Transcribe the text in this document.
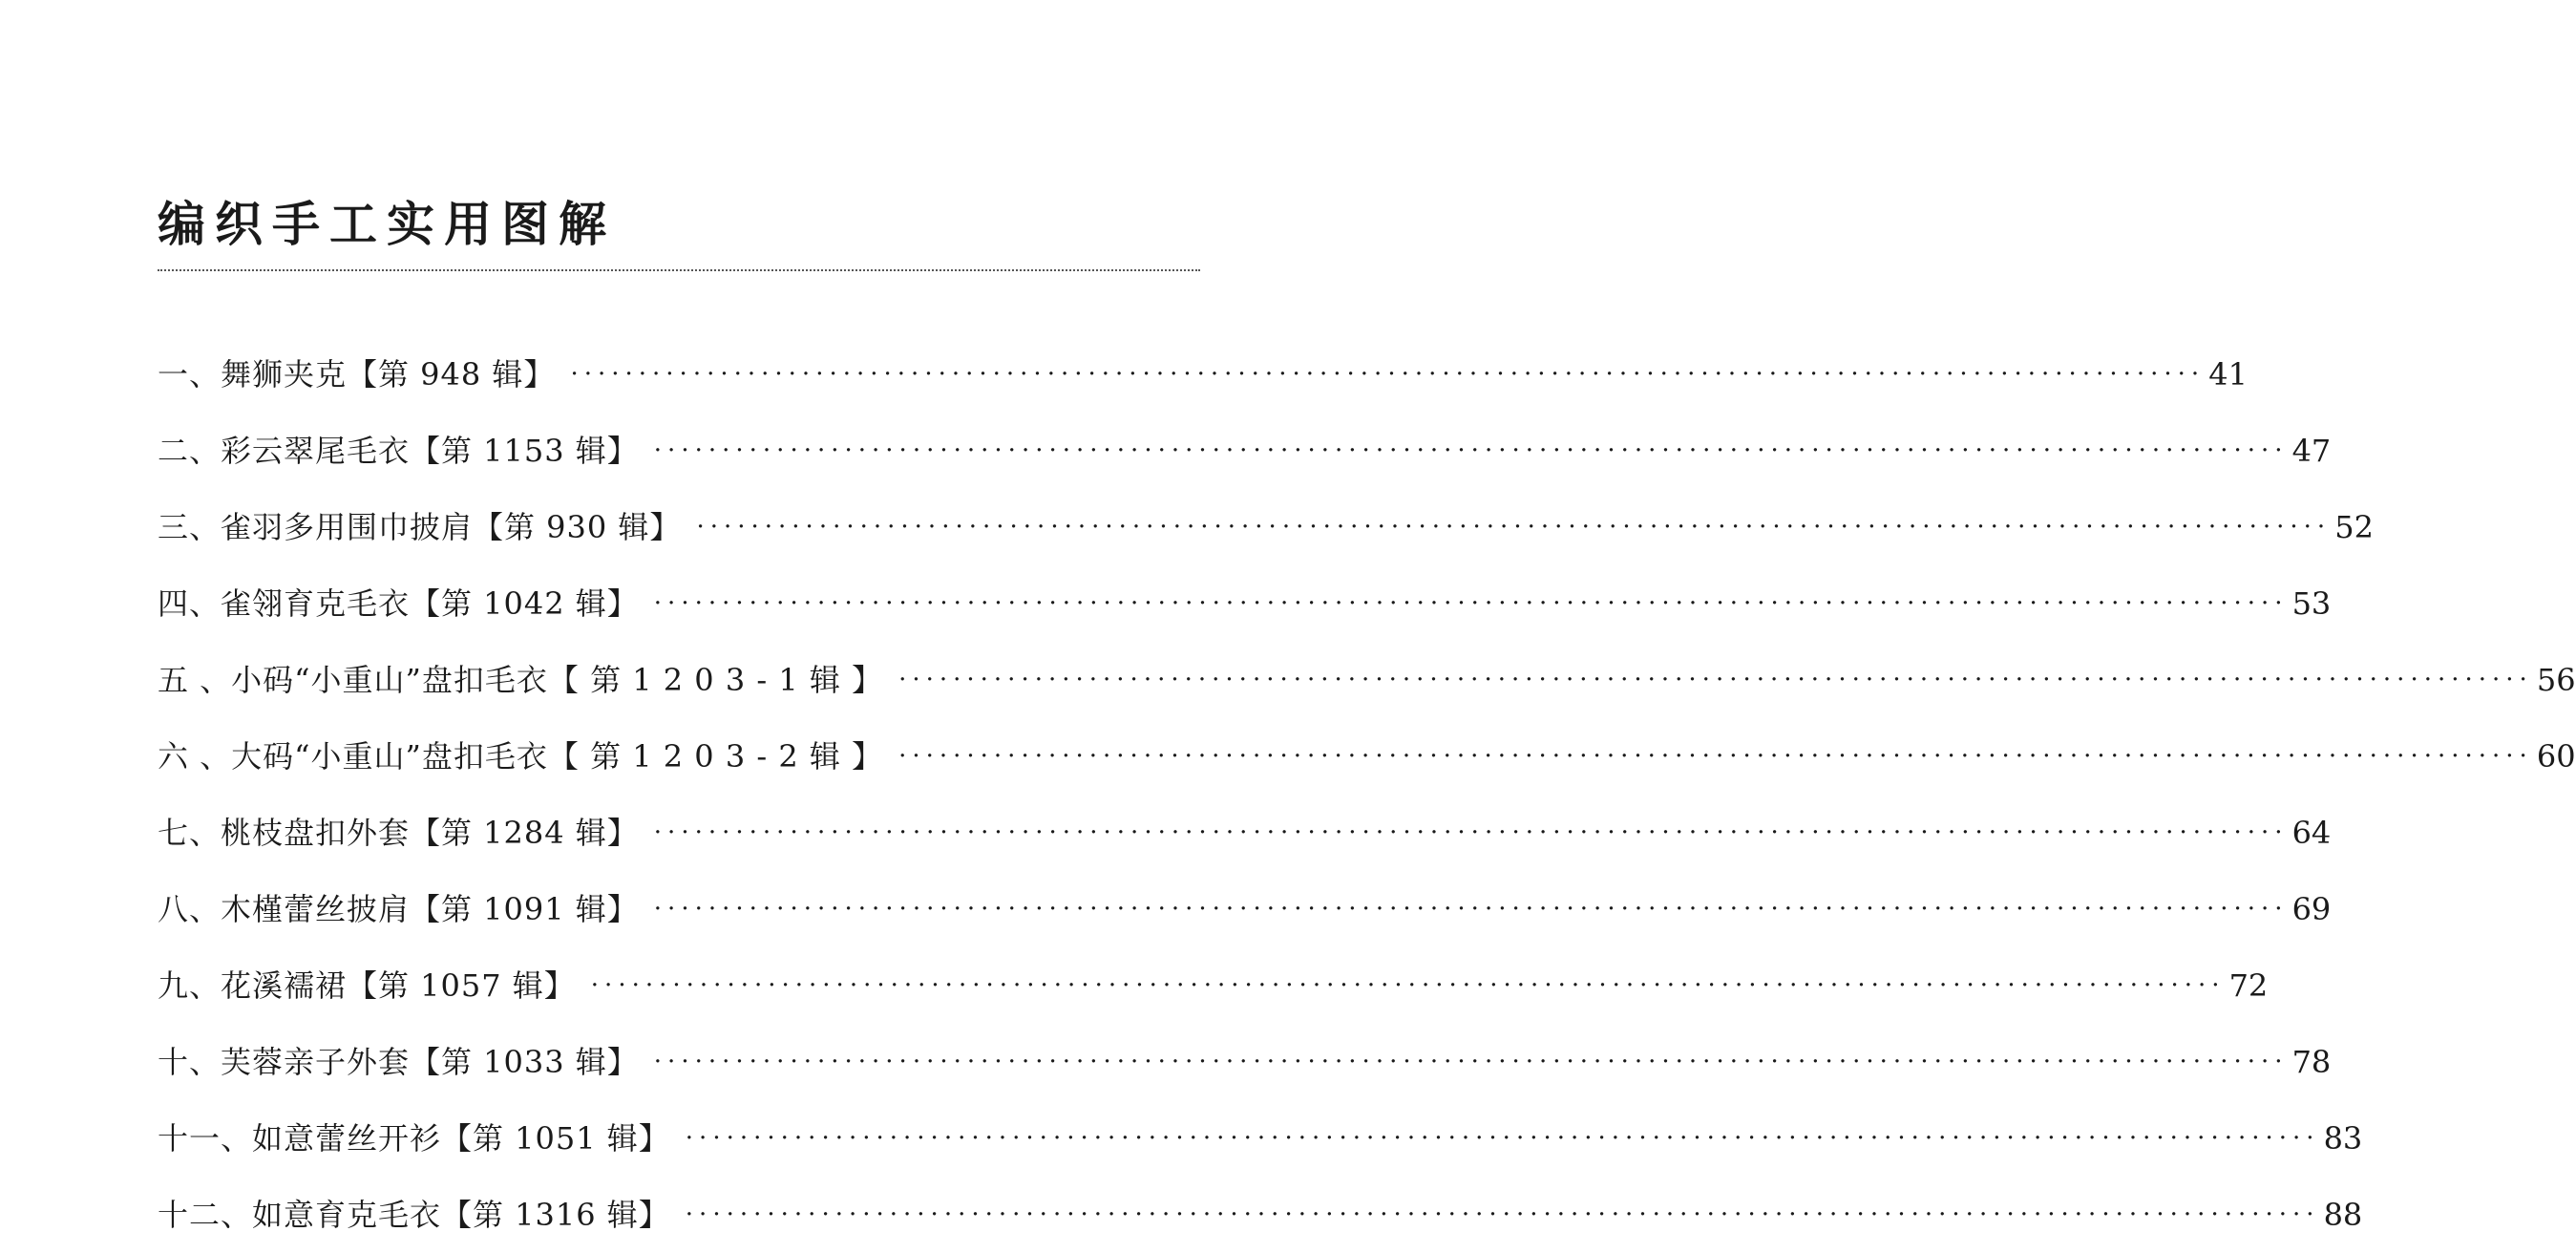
编织手工实用图解
一、舞狮夹克【第 948 辑】 ························································································································ 41
二、彩云翠尾毛衣【第 1153 辑】 ························································································································ 47
三、雀羽多用围巾披肩【第 930 辑】 ························································································································ 52
四、雀翎育克毛衣【第 1042 辑】 ························································································································ 53
五 、小码“小重山”盘扣毛衣【 第 1 2 0 3 - 1 辑 】 ························································································································ 56
六 、大码“小重山”盘扣毛衣【 第 1 2 0 3 - 2 辑 】 ························································································································ 60
七、桃枝盘扣外套【第 1284 辑】 ························································································································ 64
八、木槿蕾丝披肩【第 1091 辑】 ························································································································ 69
九、花溪襦裙【第 1057 辑】 ························································································································ 72
十、芙蓉亲子外套【第 1033 辑】 ························································································································ 78
十一、如意蕾丝开衫【第 1051 辑】 ························································································································ 83
十二、如意育克毛衣【第 1316 辑】 ························································································································ 88
